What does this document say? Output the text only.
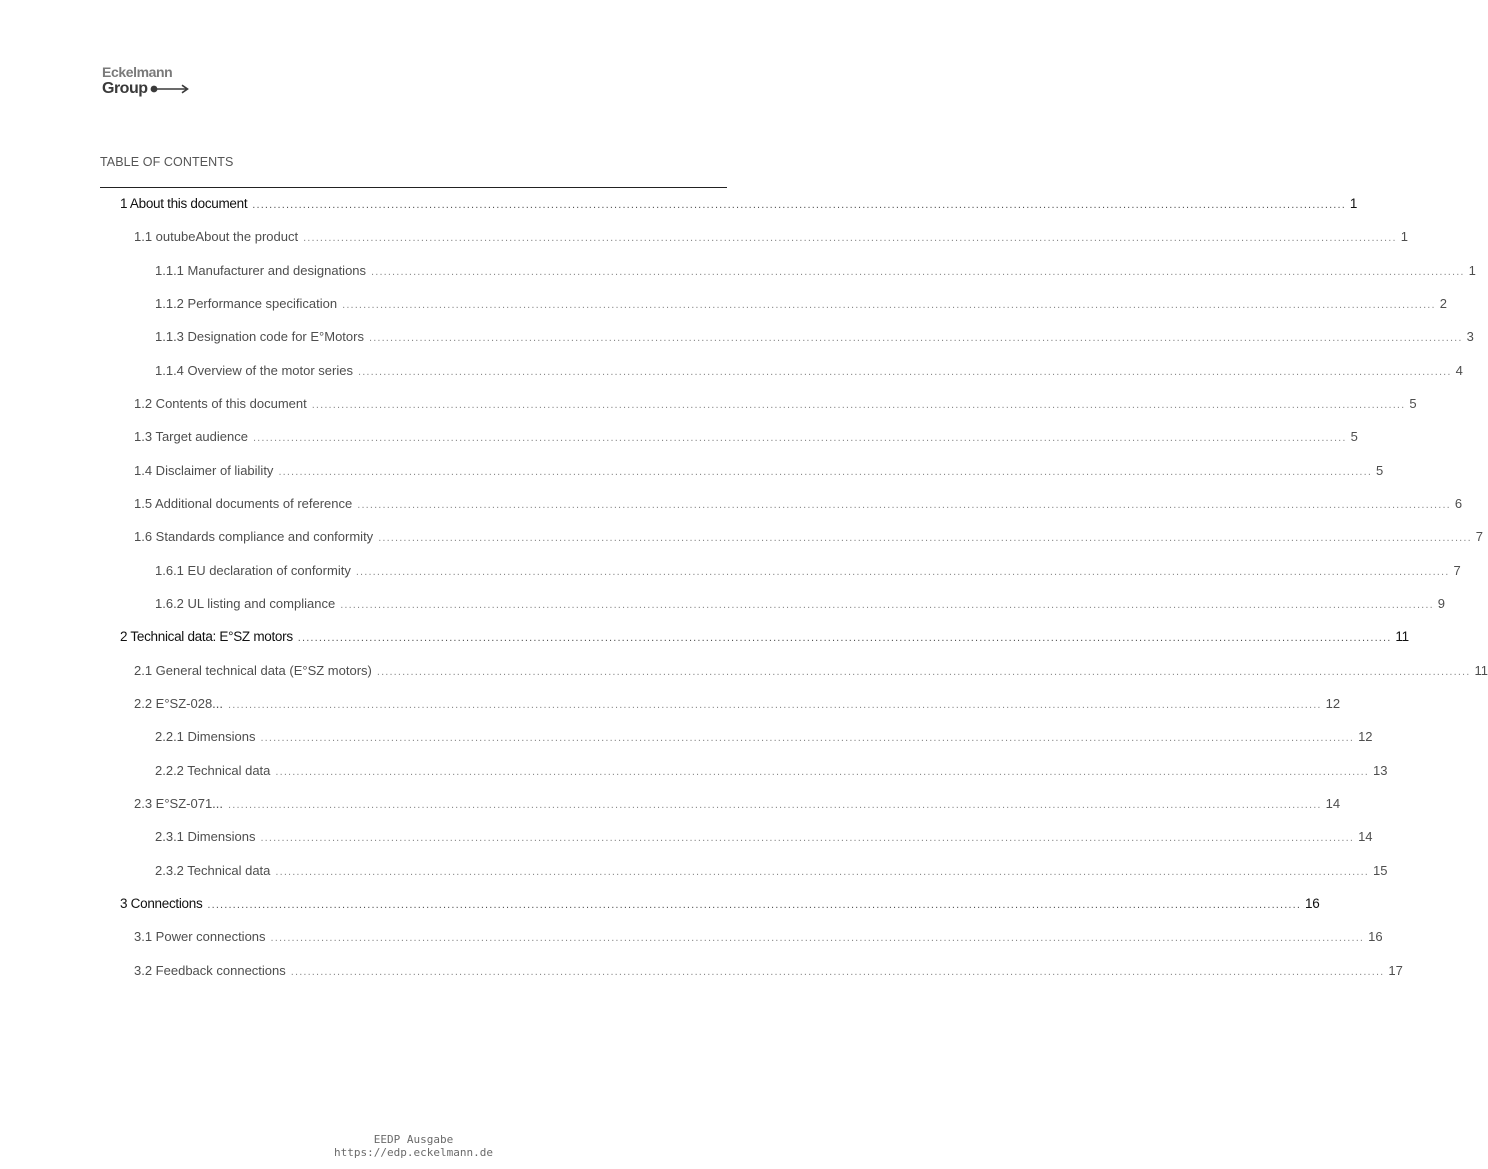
Eckelmann
Group
TABLE OF CONTENTS
1 About this document .................................................................................................................................................................................................................................................................... 1
1.1 outubeAbout the product .................................................................................................................................................................................................................................................................... 1
1.1.1 Manufacturer and designations .................................................................................................................................................................................................................................................................... 1
1.1.2 Performance specification .................................................................................................................................................................................................................................................................... 2
1.1.3 Designation code for E°Motors .................................................................................................................................................................................................................................................................... 3
1.1.4 Overview of the motor series .................................................................................................................................................................................................................................................................... 4
1.2 Contents of this document .................................................................................................................................................................................................................................................................... 5
1.3 Target audience .................................................................................................................................................................................................................................................................... 5
1.4 Disclaimer of liability .................................................................................................................................................................................................................................................................... 5
1.5 Additional documents of reference .................................................................................................................................................................................................................................................................... 6
1.6 Standards compliance and conformity .................................................................................................................................................................................................................................................................... 7
1.6.1 EU declaration of conformity .................................................................................................................................................................................................................................................................... 7
1.6.2 UL listing and compliance .................................................................................................................................................................................................................................................................... 9
2 Technical data: E°SZ motors .................................................................................................................................................................................................................................................................... 11
2.1 General technical data (E°SZ motors) .................................................................................................................................................................................................................................................................... 11
2.2 E°SZ-028... .................................................................................................................................................................................................................................................................... 12
2.2.1 Dimensions .................................................................................................................................................................................................................................................................... 12
2.2.2 Technical data .................................................................................................................................................................................................................................................................... 13
2.3 E°SZ-071... .................................................................................................................................................................................................................................................................... 14
2.3.1 Dimensions .................................................................................................................................................................................................................................................................... 14
2.3.2 Technical data .................................................................................................................................................................................................................................................................... 15
3 Connections .................................................................................................................................................................................................................................................................... 16
3.1 Power connections .................................................................................................................................................................................................................................................................... 16
3.2 Feedback connections .................................................................................................................................................................................................................................................................... 17
EEDP Ausgabe
https://edp.eckelmann.de
